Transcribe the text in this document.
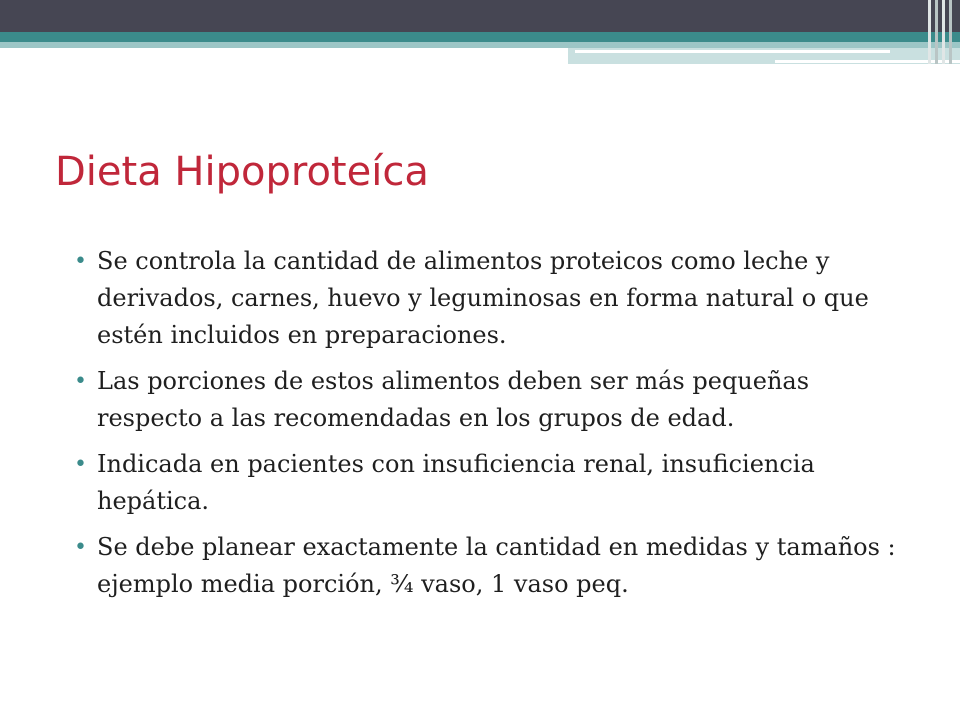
Dieta Hipoproteíca
• Se controla la cantidad de alimentos proteicos como leche y derivados, carnes, huevo y leguminosas en forma natural o que estén incluidos en preparaciones.
• Las porciones de estos alimentos deben ser más pequeñas respecto a las recomendadas en los grupos de edad.
• Indicada en pacientes con insuficiencia renal, insuficiencia hepática.
• Se debe planear exactamente la cantidad en medidas y tamaños : ejemplo media porción, ¾ vaso, 1 vaso peq.
